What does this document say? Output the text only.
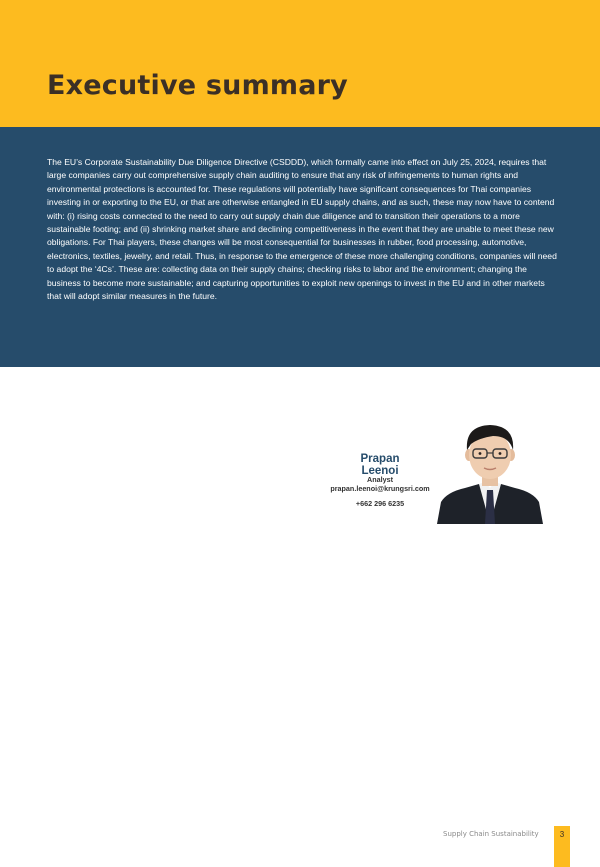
Executive summary

The EU’s Corporate Sustainability Due Diligence Directive (CSDDD), which formally came into effect on July 25, 2024, requires that large companies carry out comprehensive supply chain auditing to ensure that any risk of infringements to human rights and environmental protections is accounted for. These regulations will potentially have significant consequences for Thai companies investing in or exporting to the EU, or that are otherwise entangled in EU supply chains, and as such, these may now have to contend with: (i) rising costs connected to the need to carry out supply chain due diligence and to transition their operations to a more sustainable footing; and (ii) shrinking market share and declining competitiveness in the event that they are unable to meet these new obligations. For Thai players, these changes will be most consequential for businesses in rubber, food processing, automotive, electronics, textiles, jewelry, and retail. Thus, in response to the emergence of these more challenging conditions, companies will need to adopt the ‘4Cs’. These are: collecting data on their supply chains; checking risks to labor and the environment; changing the business to become more sustainable; and capturing opportunities to exploit new openings to invest in the EU and in other markets that will adopt similar measures in the future.

Prapan Leenoi
Analyst
prapan.leenoi@krungsri.com
+662 296 6235
Supply Chain Sustainability	3
